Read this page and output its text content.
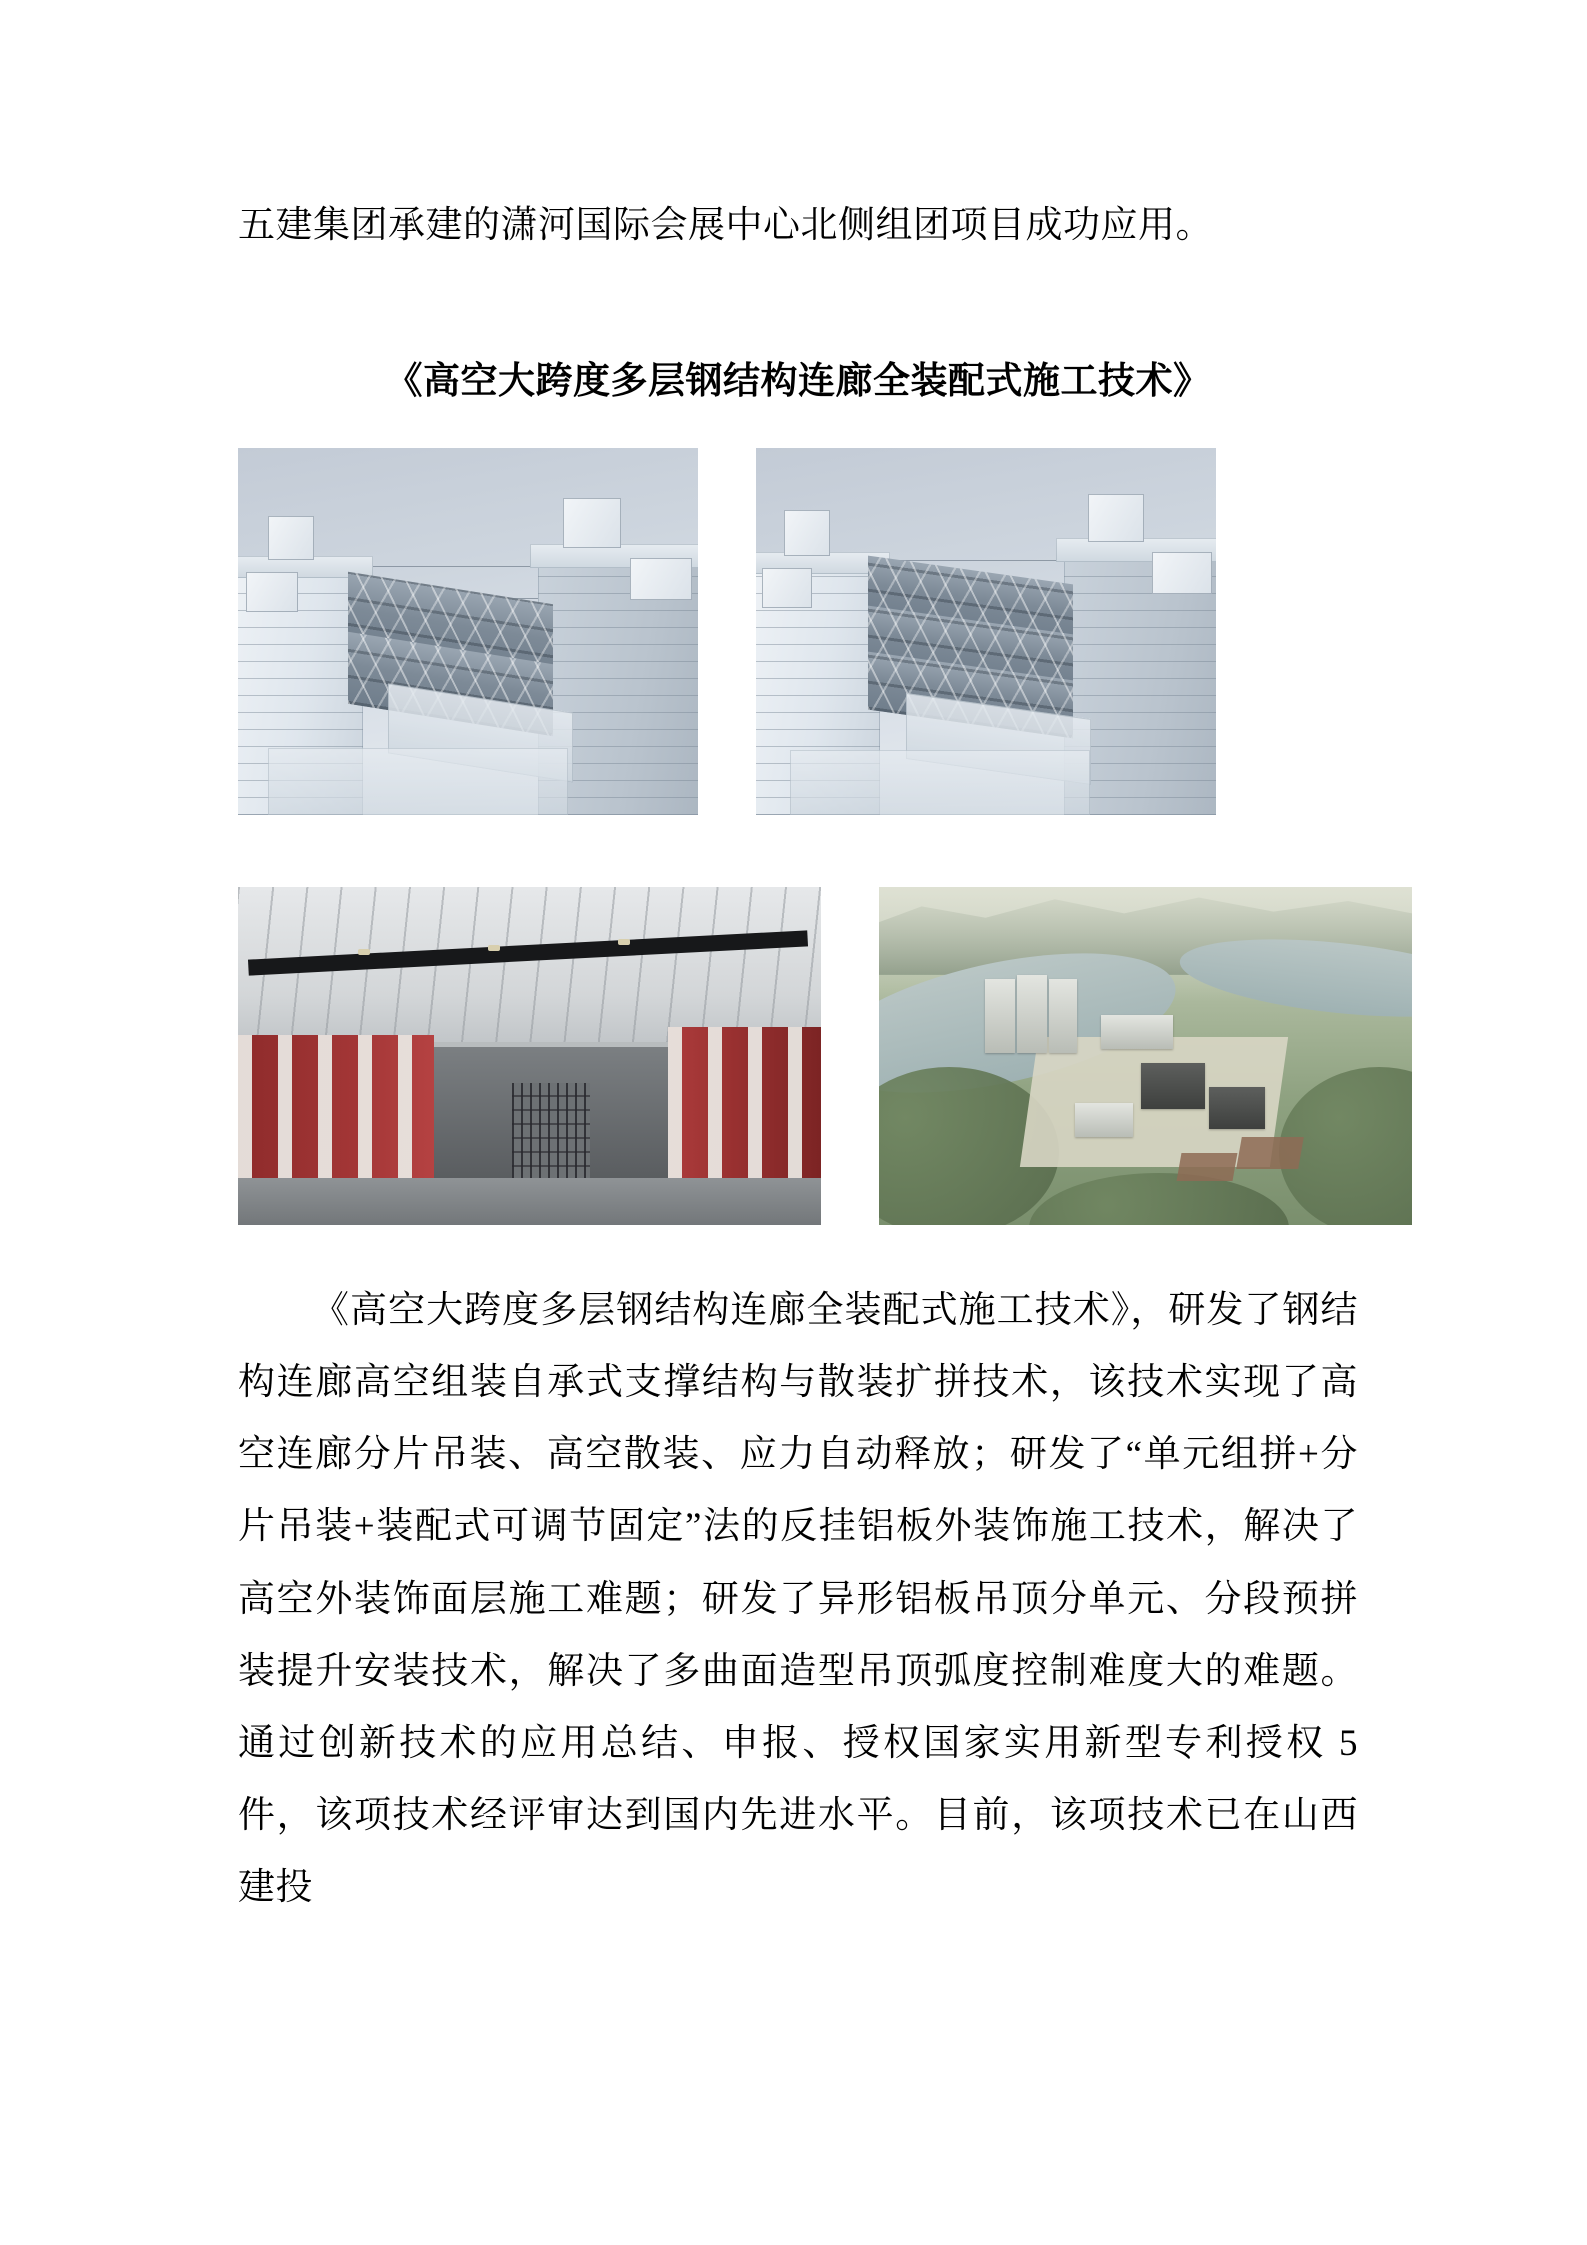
五建集团承建的潇河国际会展中心北侧组团项目成功应用。

《高空大跨度多层钢结构连廊全装配式施工技术》

《高空大跨度多层钢结构连廊全装配式施工技术》，研发了钢结构连廊高空组装自承式支撑结构与散装扩拼技术，该技术实现了高空连廊分片吊装、高空散装、应力自动释放；研发了“单元组拼+分片吊装+装配式可调节固定”法的反挂铝板外装饰施工技术，解决了高空外装饰面层施工难题；研发了异形铝板吊顶分单元、分段预拼装提升安装技术，解决了多曲面造型吊顶弧度控制难度大的难题。通过创新技术的应用总结、申报、授权国家实用新型专利授权 5 件，该项技术经评审达到国内先进水平。目前，该项技术已在山西建投
